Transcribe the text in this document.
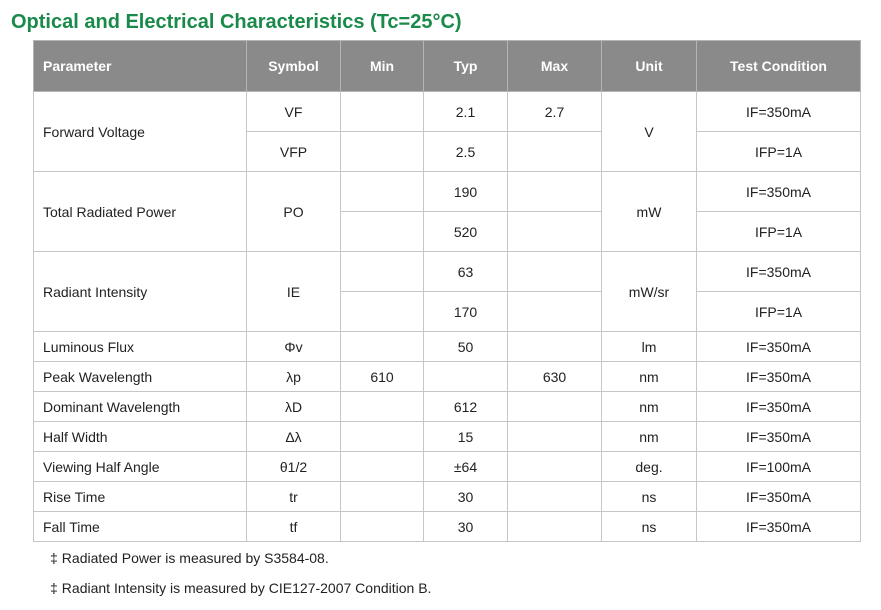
Optical and Electrical Characteristics (Tc=25°C)
Parameter	Symbol	Min	Typ	Max	Unit	Test Condition
Forward Voltage	VF		2.1	2.7	V	IF=350mA
	VFP		2.5			IFP=1A
Total Radiated Power	PO		190		mW	IF=350mA
			520			IFP=1A
Radiant Intensity	IE		63		mW/sr	IF=350mA
			170			IFP=1A
Luminous Flux	Φv		50		lm	IF=350mA
Peak Wavelength	λp	610		630	nm	IF=350mA
Dominant Wavelength	λD		612		nm	IF=350mA
Half Width	Δλ		15		nm	IF=350mA
Viewing Half Angle	θ1/2		±64		deg.	IF=100mA
Rise Time	tr		30		ns	IF=350mA
Fall Time	tf		30		ns	IF=350mA
‡ Radiated Power is measured by S3584-08.
‡ Radiant Intensity is measured by CIE127-2007 Condition B.
